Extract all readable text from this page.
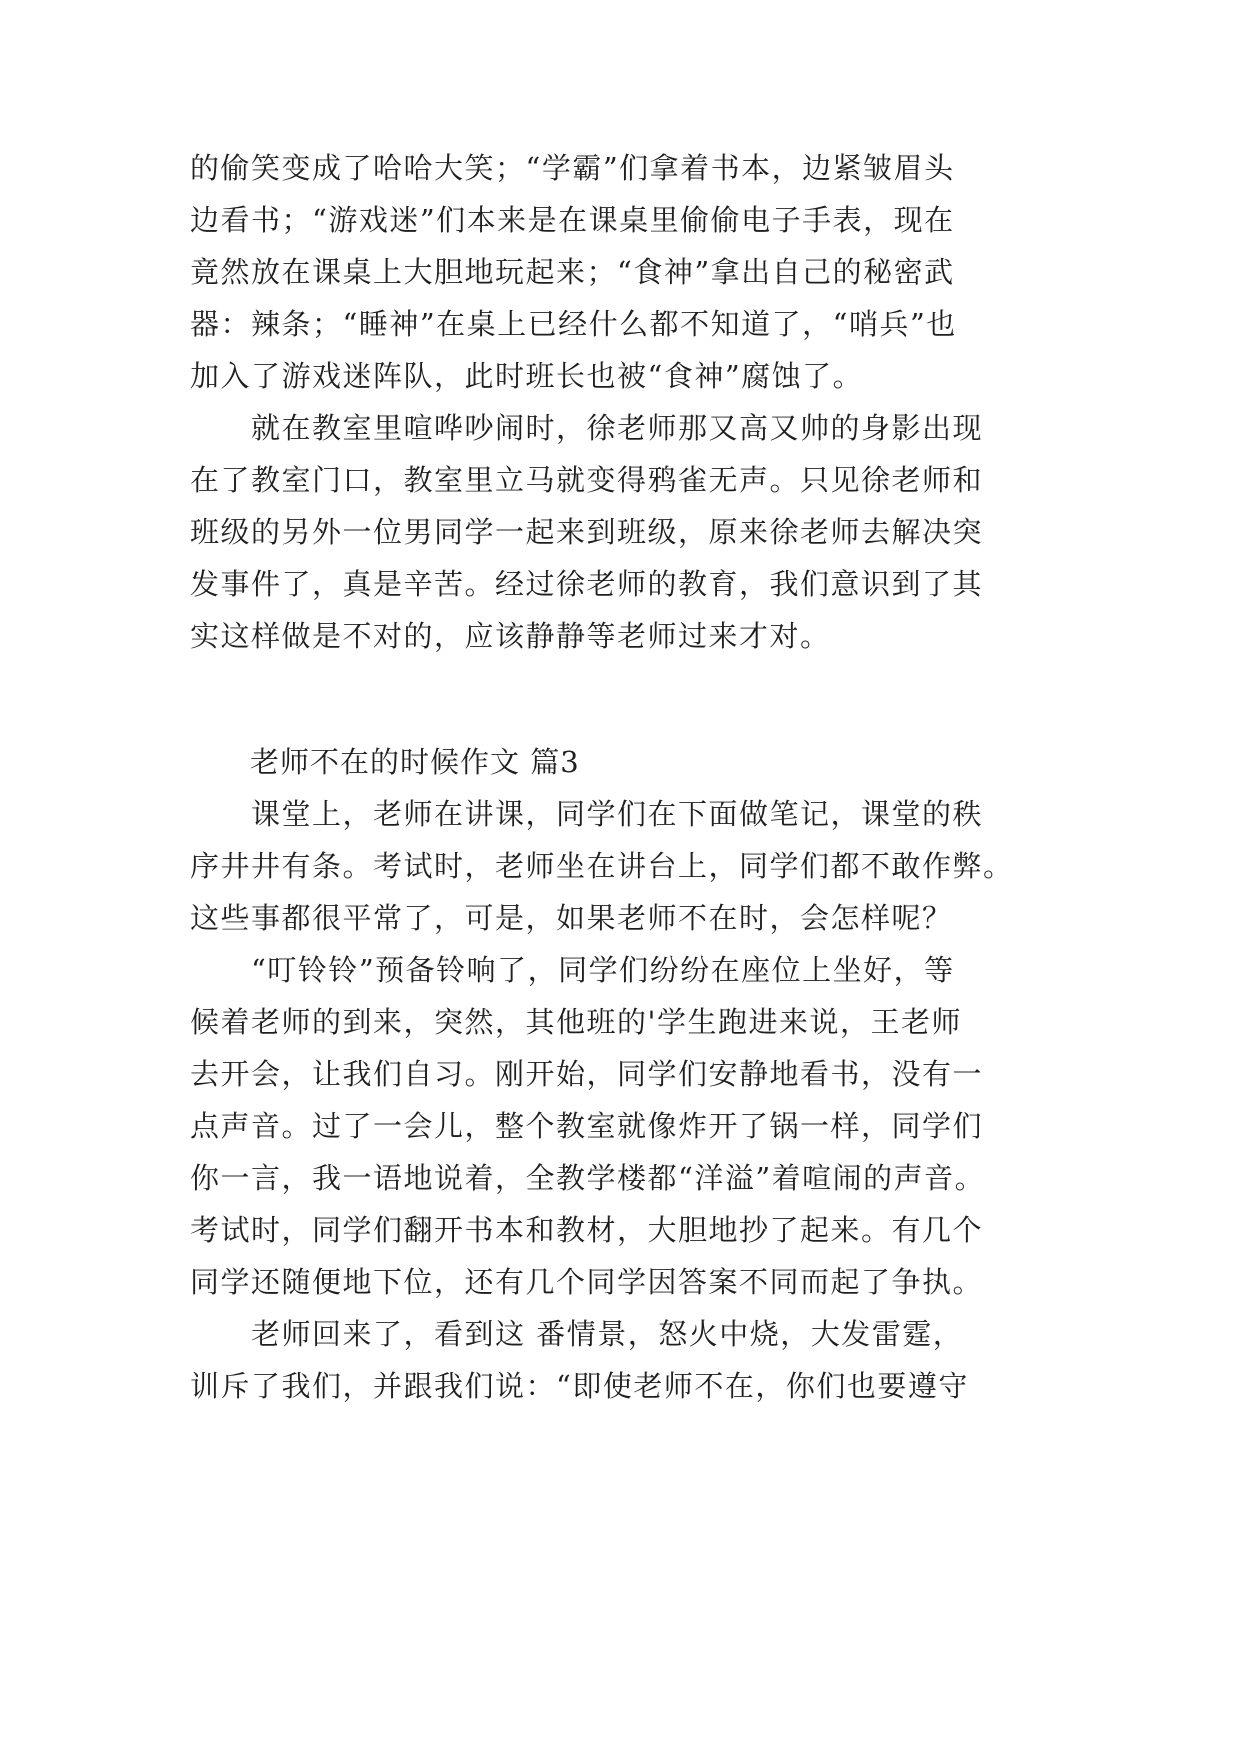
的偷笑变成了哈哈大笑；“学霸”们拿着书本，边紧皱眉头
边看书；“游戏迷”们本来是在课桌里偷偷电子手表，现在
竟然放在课桌上大胆地玩起来；“食神”拿出自己的秘密武
器：辣条；“睡神”在桌上已经什么都不知道了，“哨兵”也
加入了游戏迷阵队，此时班长也被“食神”腐蚀了。
　　就在教室里喧哗吵闹时，徐老师那又高又帅的身影出现
在了教室门口，教室里立马就变得鸦雀无声。只见徐老师和
班级的另外一位男同学一起来到班级，原来徐老师去解决突
发事件了，真是辛苦。经过徐老师的教育，我们意识到了其
实这样做是不对的，应该静静等老师过来才对。
　　老师不在的时候作文 篇3
　　课堂上，老师在讲课，同学们在下面做笔记，课堂的秩
序井井有条。考试时，老师坐在讲台上，同学们都不敢作弊。
这些事都很平常了，可是，如果老师不在时，会怎样呢？
　　“叮铃铃”预备铃响了，同学们纷纷在座位上坐好，等
候着老师的到来，突然，其他班的'学生跑进来说，王老师
去开会，让我们自习。刚开始，同学们安静地看书，没有一
点声音。过了一会儿，整个教室就像炸开了锅一样，同学们
你一言，我一语地说着，全教学楼都“洋溢”着喧闹的声音。
考试时，同学们翻开书本和教材，大胆地抄了起来。有几个
同学还随便地下位，还有几个同学因答案不同而起了争执。
　　老师回来了，看到这 番情景，怒火中烧，大发雷霆，
训斥了我们，并跟我们说：“即使老师不在，你们也要遵守
